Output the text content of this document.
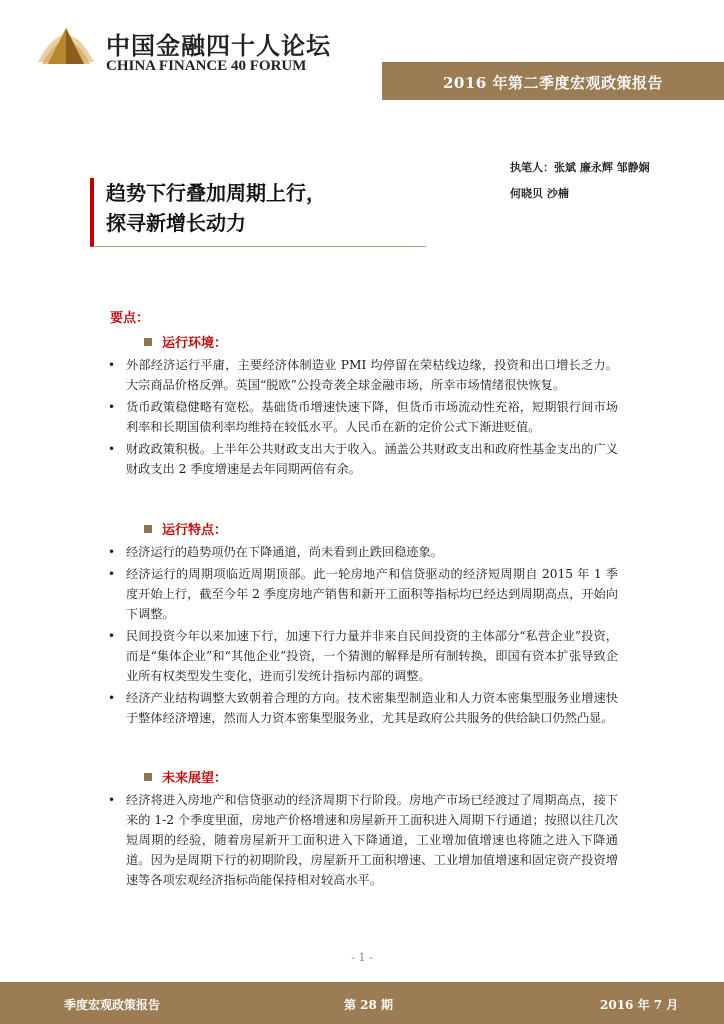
中国金融四十人论坛
CHINA FINANCE 40 FORUM
2016 年第二季度宏观政策报告
执笔人：张斌 廉永辉 邹静娴
何晓贝 沙楠
趋势下行叠加周期上行，
探寻新增长动力
要点：
运行环境：
• 外部经济运行平庸，主要经济体制造业 PMI 均停留在荣枯线边缘，投资和出口增长乏力。大宗商品价格反弹。英国“脱欧”公投奇袭全球金融市场，所幸市场情绪很快恢复。
• 货币政策稳健略有宽松。基础货币增速快速下降，但货币市场流动性充裕，短期银行间市场利率和长期国债利率均维持在较低水平。人民币在新的定价公式下渐进贬值。
• 财政政策积极。上半年公共财政支出大于收入。涵盖公共财政支出和政府性基金支出的广义财政支出 2 季度增速是去年同期两倍有余。
运行特点：
• 经济运行的趋势项仍在下降通道，尚未看到止跌回稳迹象。
• 经济运行的周期项临近周期顶部。此一轮房地产和信贷驱动的经济短周期自 2015 年 1 季度开始上行，截至今年 2 季度房地产销售和新开工面积等指标均已经达到周期高点，开始向下调整。
• 民间投资今年以来加速下行，加速下行力量并非来自民间投资的主体部分“私营企业”投资，而是“集体企业”和“其他企业”投资，一个猜测的解释是所有制转换，即国有资本扩张导致企业所有权类型发生变化，进而引发统计指标内部的调整。
• 经济产业结构调整大致朝着合理的方向。技术密集型制造业和人力资本密集型服务业增速快于整体经济增速，然而人力资本密集型服务业，尤其是政府公共服务的供给缺口仍然凸显。
未来展望：
• 经济将进入房地产和信贷驱动的经济周期下行阶段。房地产市场已经渡过了周期高点，接下来的 1-2 个季度里面，房地产价格增速和房屋新开工面积进入周期下行通道；按照以往几次短周期的经验，随着房屋新开工面积进入下降通道，工业增加值增速也将随之进入下降通道。因为是周期下行的初期阶段，房屋新开工面积增速、工业增加值增速和固定资产投资增速等各项宏观经济指标尚能保持相对较高水平。
- 1 -
季度宏观政策报告	第 28 期	2016 年 7 月
